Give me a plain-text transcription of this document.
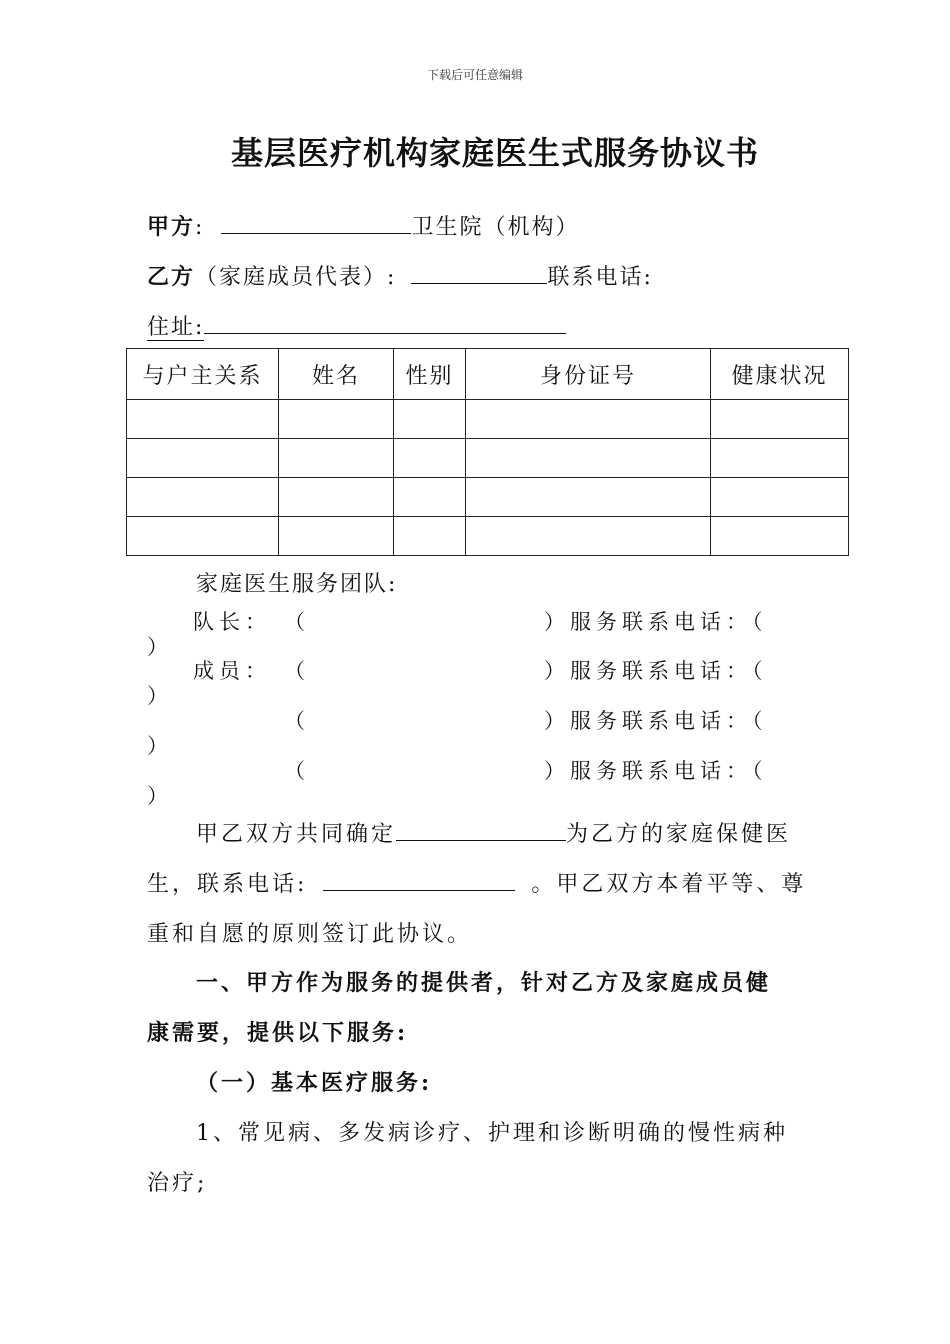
下载后可任意编辑
基层医疗机构家庭医生式服务协议书
甲方:	卫生院（机构）
乙方（家庭成员代表）:	联系电话:
住址:
与户主关系	姓名	性别	身份证号	健康状况

家庭医生服务团队:
队长： （	）服务联系电话：（
）
成员： （	）服务联系电话：（
）
（	）服务联系电话：（
）
（	）服务联系电话：（
）
甲乙双方共同确定	为乙方的家庭保健医
生，联系电话:	。甲乙双方本着平等、尊
重和自愿的原则签订此协议。
一、甲方作为服务的提供者，针对乙方及家庭成员健
康需要，提供以下服务:
（一）基本医疗服务:
1、常见病、多发病诊疗、护理和诊断明确的慢性病种
治疗;
